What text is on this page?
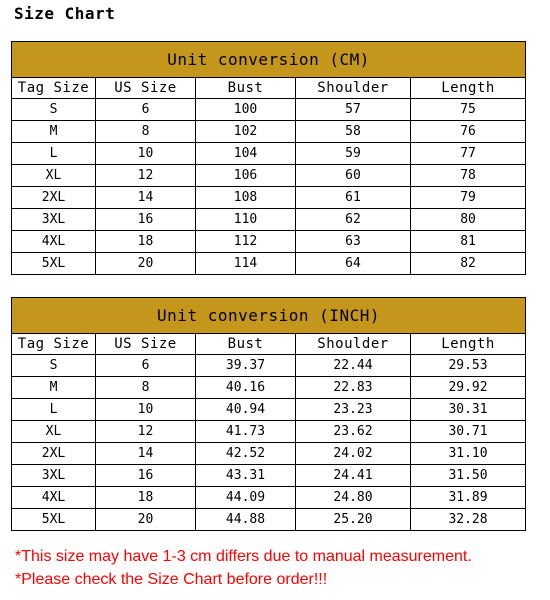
Size Chart
Unit conversion (CM)				
Tag Size	US Size	Bust	Shoulder	Length
S	6	100	57	75
M	8	102	58	76
L	10	104	59	77
XL	12	106	60	78
2XL	14	108	61	79
3XL	16	110	62	80
4XL	18	112	63	81
5XL	20	114	64	82
Unit conversion (INCH)				
Tag Size	US Size	Bust	Shoulder	Length
S	6	39.37	22.44	29.53
M	8	40.16	22.83	29.92
L	10	40.94	23.23	30.31
XL	12	41.73	23.62	30.71
2XL	14	42.52	24.02	31.10
3XL	16	43.31	24.41	31.50
4XL	18	44.09	24.80	31.89
5XL	20	44.88	25.20	32.28
*This size may have 1-3 cm differs due to manual measurement.
*Please check the Size Chart before order!!!
